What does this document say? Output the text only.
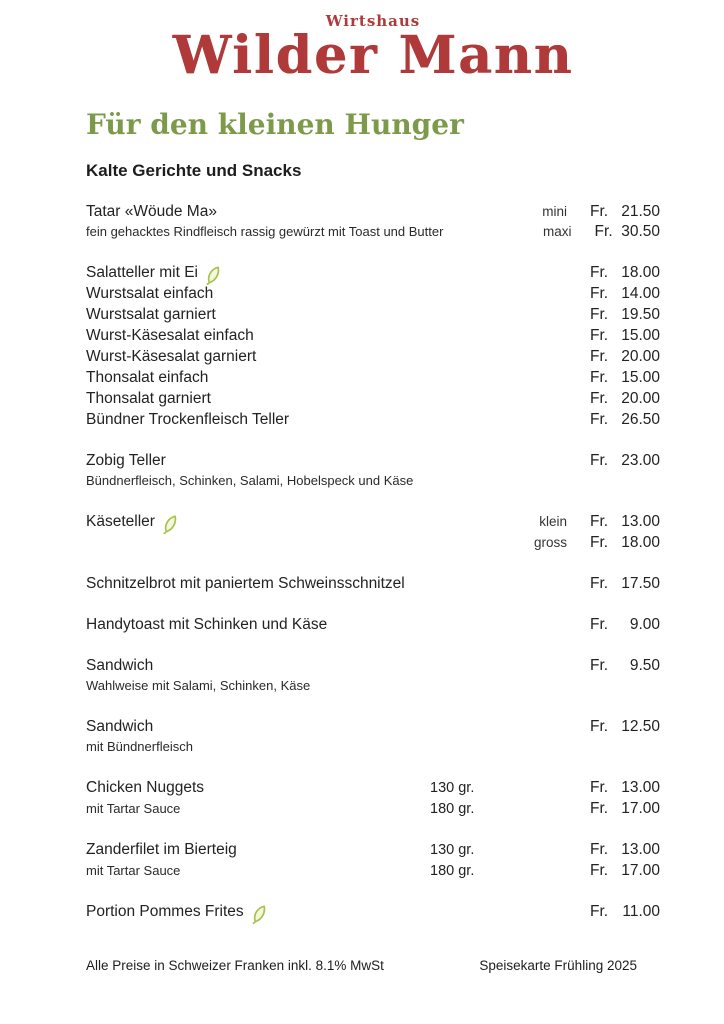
Wirtshaus
Wilder Mann
Für den kleinen Hunger
Kalte Gerichte und Snacks
Tatar «Wöude Ma»	mini Fr. 21.50
fein gehacktes Rindfleisch rassig gewürzt mit Toast und Butter	maxi Fr. 30.50
Salatteller mit Ei	Fr. 18.00
Wurstsalat einfach	Fr. 14.00
Wurstsalat garniert	Fr. 19.50
Wurst-Käsesalat einfach	Fr. 15.00
Wurst-Käsesalat garniert	Fr. 20.00
Thonsalat einfach	Fr. 15.00
Thonsalat garniert	Fr. 20.00
Bündner Trockenfleisch Teller	Fr. 26.50
Zobig Teller	Fr. 23.00
Bündnerfleisch, Schinken, Salami, Hobelspeck und Käse
Käseteller	klein Fr. 13.00
gross Fr. 18.00
Schnitzelbrot mit paniertem Schweinsschnitzel	Fr. 17.50
Handytoast mit Schinken und Käse	Fr. 9.00
Sandwich	Fr. 9.50
Wahlweise mit Salami, Schinken, Käse
Sandwich	Fr. 12.50
mit Bündnerfleisch
Chicken Nuggets	130 gr.	Fr. 13.00
mit Tartar Sauce	180 gr.	Fr. 17.00
Zanderfilet im Bierteig	130 gr.	Fr. 13.00
mit Tartar Sauce	180 gr.	Fr. 17.00
Portion Pommes Frites	Fr. 11.00
Alle Preise in Schweizer Franken inkl. 8.1% MwSt	Speisekarte Frühling 2025
